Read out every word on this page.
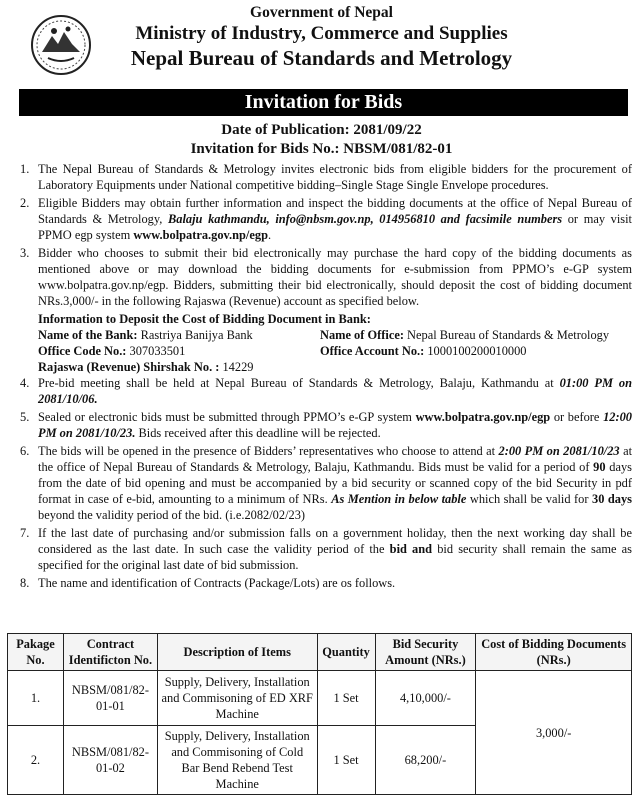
Government of Nepal
Ministry of Industry, Commerce and Supplies
Nepal Bureau of Standards and Metrology
Invitation for Bids
Date of Publication: 2081/09/22
Invitation for Bids No.: NBSM/081/82-01
1. The Nepal Bureau of Standards & Metrology invites electronic bids from eligible bidders for the procurement of Laboratory Equipments under National competitive bidding–Single Stage Single Envelope procedures.
2. Eligible Bidders may obtain further information and inspect the bidding documents at the office of Nepal Bureau of Standards & Metrology, Balaju kathmandu, info@nbsm.gov.np, 014956810 and facsimile numbers or may visit PPMO egp system www.bolpatra.gov.np/egp.
3. Bidder who chooses to submit their bid electronically may purchase the hard copy of the bidding documents as mentioned above or may download the bidding documents for e-submission from PPMO’s e-GP system www.bolpatra.gov.np/egp. Bidders, submitting their bid electronically, should deposit the cost of bidding document NRs.3,000/- in the following Rajaswa (Revenue) account as specified below.
Information to Deposit the Cost of Bidding Document in Bank:
Name of the Bank: Rastriya Banijya Bank	Name of Office: Nepal Bureau of Standards & Metrology
Office Code No.: 307033501	Office Account No.: 1000100200010000
Rajaswa (Revenue) Shirshak No. : 14229
4. Pre-bid meeting shall be held at Nepal Bureau of Standards & Metrology, Balaju, Kathmandu at 01:00 PM on 2081/10/06.
5. Sealed or electronic bids must be submitted through PPMO’s e-GP system www.bolpatra.gov.np/egp or before 12:00 PM on 2081/10/23. Bids received after this deadline will be rejected.
6. The bids will be opened in the presence of Bidders’ representatives who choose to attend at 2:00 PM on 2081/10/23 at the office of Nepal Bureau of Standards & Metrology, Balaju, Kathmandu. Bids must be valid for a period of 90 days from the date of bid opening and must be accompanied by a bid security or scanned copy of the bid Security in pdf format in case of e-bid, amounting to a minimum of NRs. As Mention in below table which shall be valid for 30 days beyond the validity period of the bid. (i.e.2082/02/23)
7. If the last date of purchasing and/or submission falls on a government holiday, then the next working day shall be considered as the last date. In such case the validity period of the bid and bid security shall remain the same as specified for the original last date of bid submission.
8. The name and identification of Contracts (Package/Lots) are os follows.
Pakage No.	Contract Identificton No.	Description of Items	Quantity	Bid Security Amount (NRs.)	Cost of Bidding Documents (NRs.)
1.	NBSM/081/82-01-01	Supply, Delivery, Installation and Commisoning of ED XRF Machine	1 Set	4,10,000/-	3,000/-
2.	NBSM/081/82-01-02	Supply, Delivery, Installation and Commisoning of Cold Bar Bend Rebend Test Machine	1 Set	68,200/-	
